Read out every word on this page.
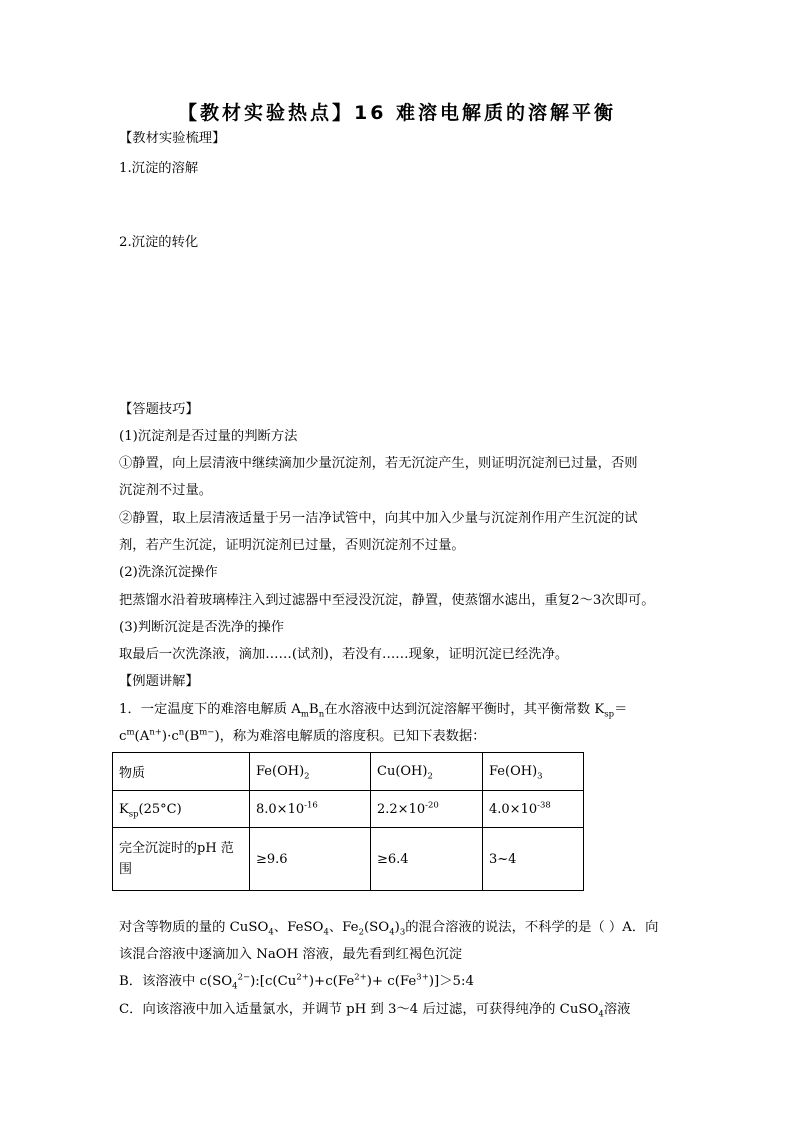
【教材实验热点】16 难溶电解质的溶解平衡
【教材实验梳理】
1.沉淀的溶解
2.沉淀的转化
【答题技巧】
(1)沉淀剂是否过量的判断方法
①静置，向上层清液中继续滴加少量沉淀剂，若无沉淀产生，则证明沉淀剂已过量，否则
沉淀剂不过量。
②静置，取上层清液适量于另一洁净试管中，向其中加入少量与沉淀剂作用产生沉淀的试
剂，若产生沉淀，证明沉淀剂已过量，否则沉淀剂不过量。
(2)洗涤沉淀操作
把蒸馏水沿着玻璃棒注入到过滤器中至浸没沉淀，静置，使蒸馏水滤出，重复2～3次即可。
(3)判断沉淀是否洗净的操作
取最后一次洗涤液，滴加……(试剂)，若没有……现象，证明沉淀已经洗净。
【例题讲解】
1．一定温度下的难溶电解质 $A_mB_n$在水溶液中达到沉淀溶解平衡时，其平衡常数 $K_{sp}=$
$c^m(A^{n+})\cdot c^n(B^{m-})$，称为难溶电解质的溶度积。已知下表数据：
物质	$Fe(OH)_2$	$Cu(OH)_2$	$Fe(OH)_3$
$K_{sp}(25^\circ C)$	$8.0\times 10^{-16}$	$2.2\times 10^{-20}$	$4.0\times 10^{-38}$
完全沉淀时的pH 范
围	≥9.6	≥6.4	3~4
对含等物质的量的 CuSO$_4$、FeSO$_4$、$Fe_2(SO_4)_3$的混合溶液的说法，不科学的是（ ）A．向
该混合溶液中逐滴加入 NaOH 溶液，最先看到红褐色沉淀
B．该溶液中 $c(SO_4^{2-}):[c(Cu^{2+})+c(Fe^{2+})+$ $c(Fe^{3+})]>5:4$
C．向该溶液中加入适量氯水，并调节 pH 到 3～4 后过滤，可获得纯净的 CuSO$_4$溶液
